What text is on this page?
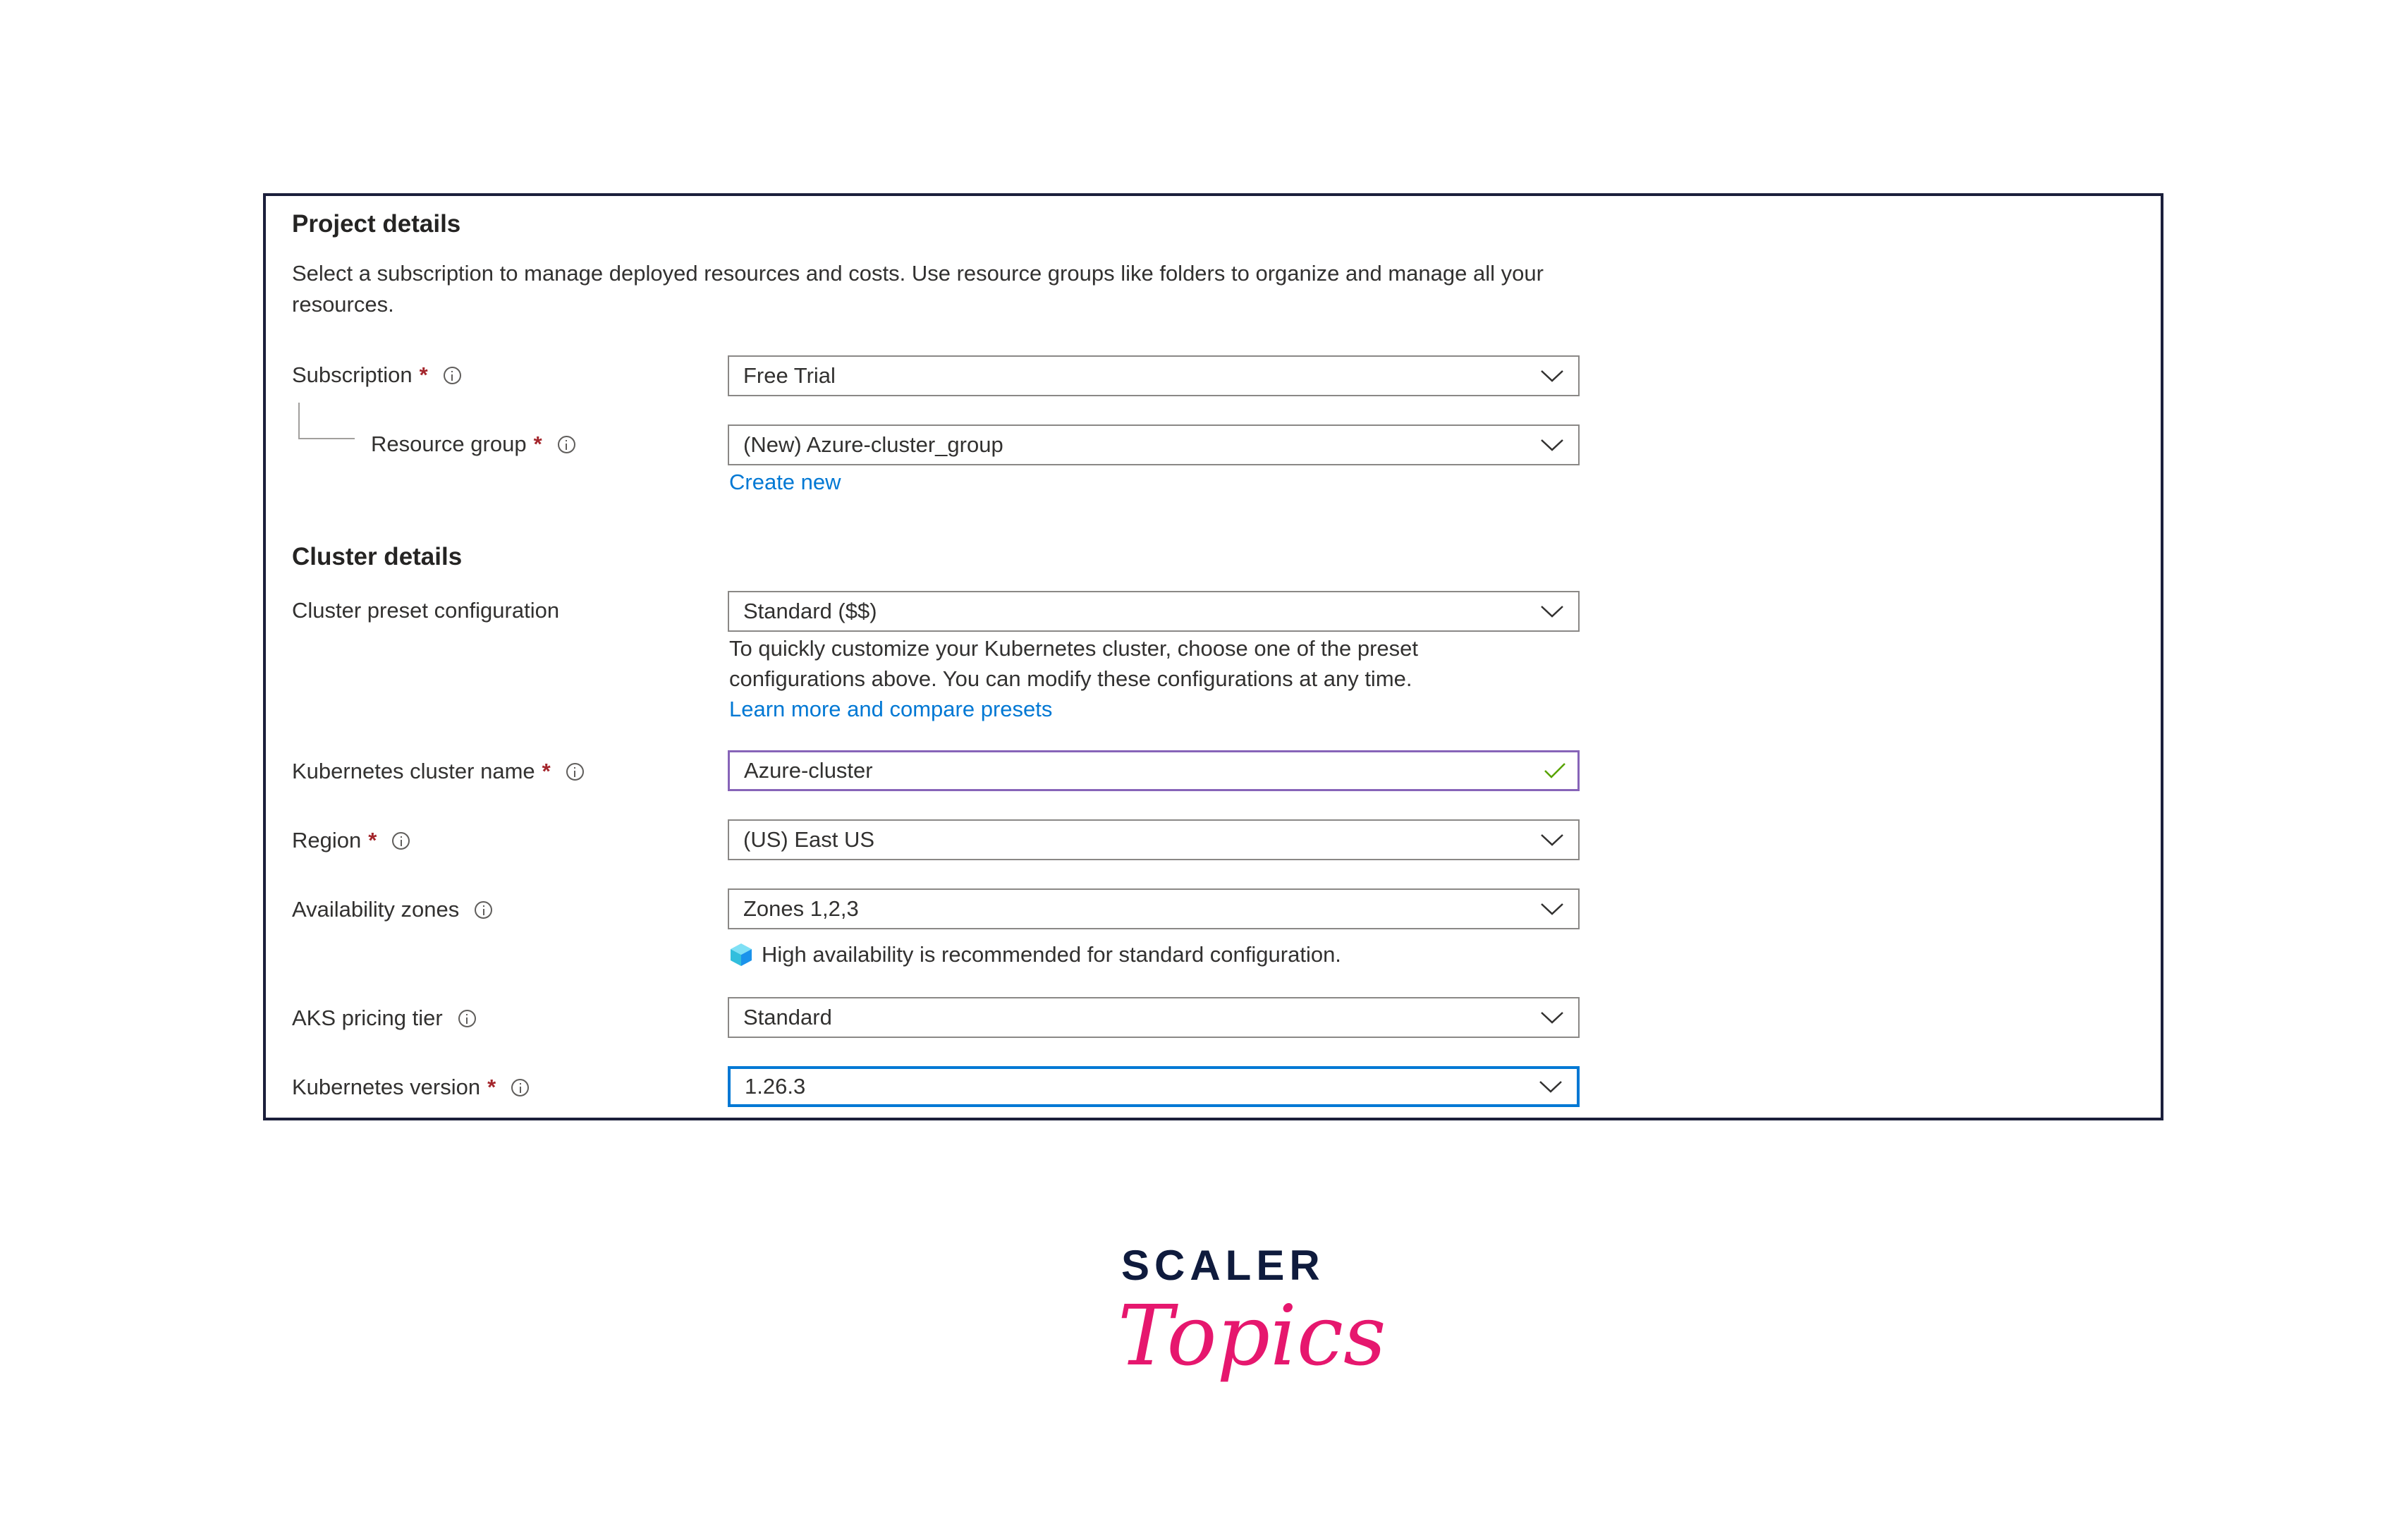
Project details
Select a subscription to manage deployed resources and costs. Use resource groups like folders to organize and manage all your resources.
Subscription *	Free Trial
Resource group *	(New) Azure-cluster_group
Create new
Cluster details
Cluster preset configuration	Standard ($$)
To quickly customize your Kubernetes cluster, choose one of the preset
configurations above. You can modify these configurations at any time.
Learn more and compare presets
Kubernetes cluster name *	Azure-cluster
Region *	(US) East US
Availability zones	Zones 1,2,3
High availability is recommended for standard configuration.
AKS pricing tier	Standard
Kubernetes version *	1.26.3
SCALER
Topics
